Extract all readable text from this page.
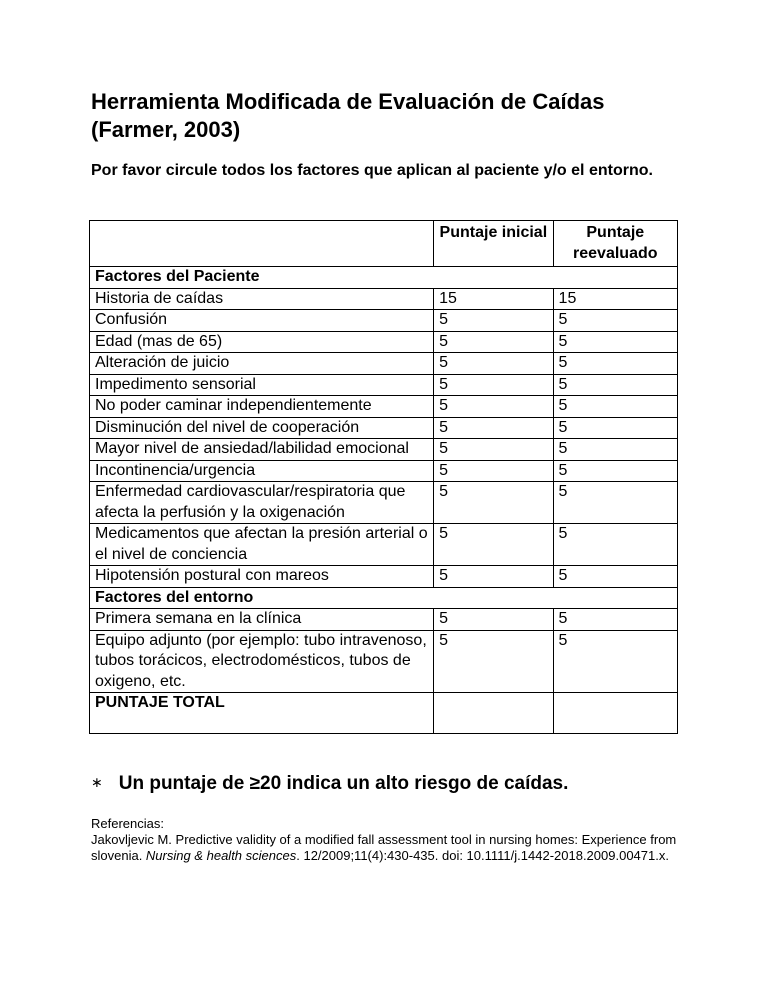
Herramienta Modificada de Evaluación de Caídas (Farmer, 2003)

Por favor circule todos los factores que aplican al paciente y/o el entorno.

	Puntaje inicial	Puntaje reevaluado
Factores del Paciente		
Historia de caídas	15	15
Confusión	5	5
Edad (mas de 65)	5	5
Alteración de juicio	5	5
Impedimento sensorial	5	5
No poder caminar independientemente	5	5
Disminución del nivel de cooperación	5	5
Mayor nivel de ansiedad/labilidad emocional	5	5
Incontinencia/urgencia	5	5
Enfermedad cardiovascular/respiratoria que afecta la perfusión y la oxigenación	5	5
Medicamentos que afectan la presión arterial o el nivel de conciencia	5	5
Hipotensión postural con mareos	5	5
Factores del entorno		
Primera semana en la clínica	5	5
Equipo adjunto (por ejemplo: tubo intravenoso, tubos torácicos, electrodomésticos, tubos de oxigeno, etc.	5	5
PUNTAJE TOTAL		
∗ Un puntaje de ≥20 indica un alto riesgo de caídas.

Referencias:

Jakovljevic M. Predictive validity of a modified fall assessment tool in nursing homes: Experience from slovenia. Nursing & health sciences. 12/2009;11(4):430-435. doi: 10.1111/j.1442-2018.2009.00471.x.
